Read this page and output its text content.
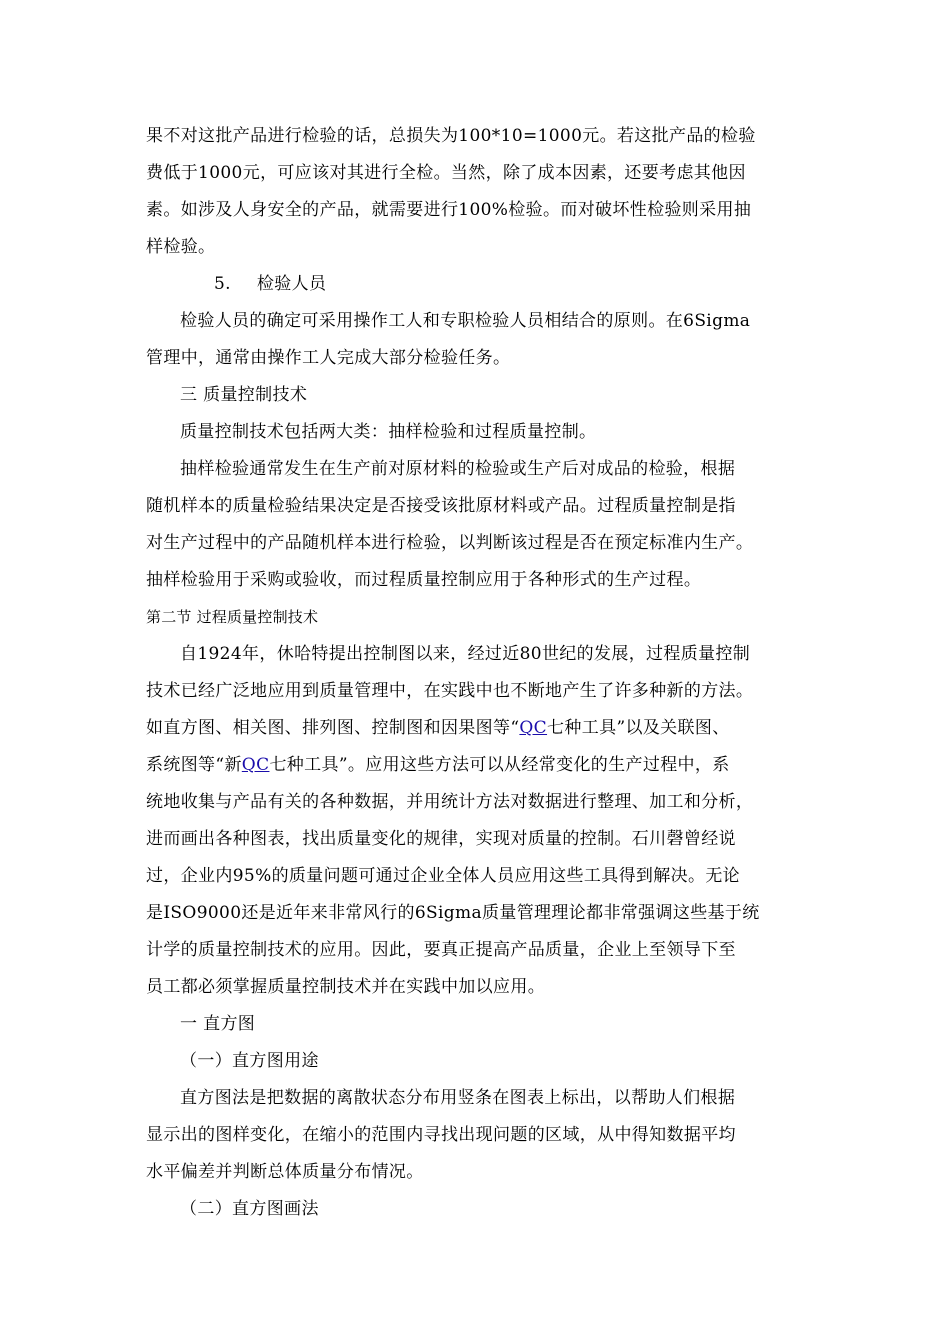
果不对这批产品进行检验的话，总损失为100*10=1000元。若这批产品的检验
费低于1000元，可应该对其进行全检。当然，除了成本因素，还要考虑其他因
素。如涉及人身安全的产品，就需要进行100%检验。而对破坏性检验则采用抽
样检验。
5. 检验人员
检验人员的确定可采用操作工人和专职检验人员相结合的原则。在6Sigma
管理中，通常由操作工人完成大部分检验任务。
三 质量控制技术
质量控制技术包括两大类：抽样检验和过程质量控制。
抽样检验通常发生在生产前对原材料的检验或生产后对成品的检验，根据
随机样本的质量检验结果决定是否接受该批原材料或产品。过程质量控制是指
对生产过程中的产品随机样本进行检验，以判断该过程是否在预定标准内生产。
抽样检验用于采购或验收，而过程质量控制应用于各种形式的生产过程。
第二节 过程质量控制技术
自1924年，休哈特提出控制图以来，经过近80世纪的发展，过程质量控制
技术已经广泛地应用到质量管理中，在实践中也不断地产生了许多种新的方法。
如直方图、相关图、排列图、控制图和因果图等“QC七种工具”以及关联图、
系统图等“新QC七种工具”。应用这些方法可以从经常变化的生产过程中，系
统地收集与产品有关的各种数据，并用统计方法对数据进行整理、加工和分析，
进而画出各种图表，找出质量变化的规律，实现对质量的控制。石川磬曾经说
过，企业内95%的质量问题可通过企业全体人员应用这些工具得到解决。无论
是ISO9000还是近年来非常风行的6Sigma质量管理理论都非常强调这些基于统
计学的质量控制技术的应用。因此，要真正提高产品质量，企业上至领导下至
员工都必须掌握质量控制技术并在实践中加以应用。
一 直方图
（一）直方图用途
直方图法是把数据的离散状态分布用竖条在图表上标出，以帮助人们根据
显示出的图样变化，在缩小的范围内寻找出现问题的区域，从中得知数据平均
水平偏差并判断总体质量分布情况。
（二）直方图画法
